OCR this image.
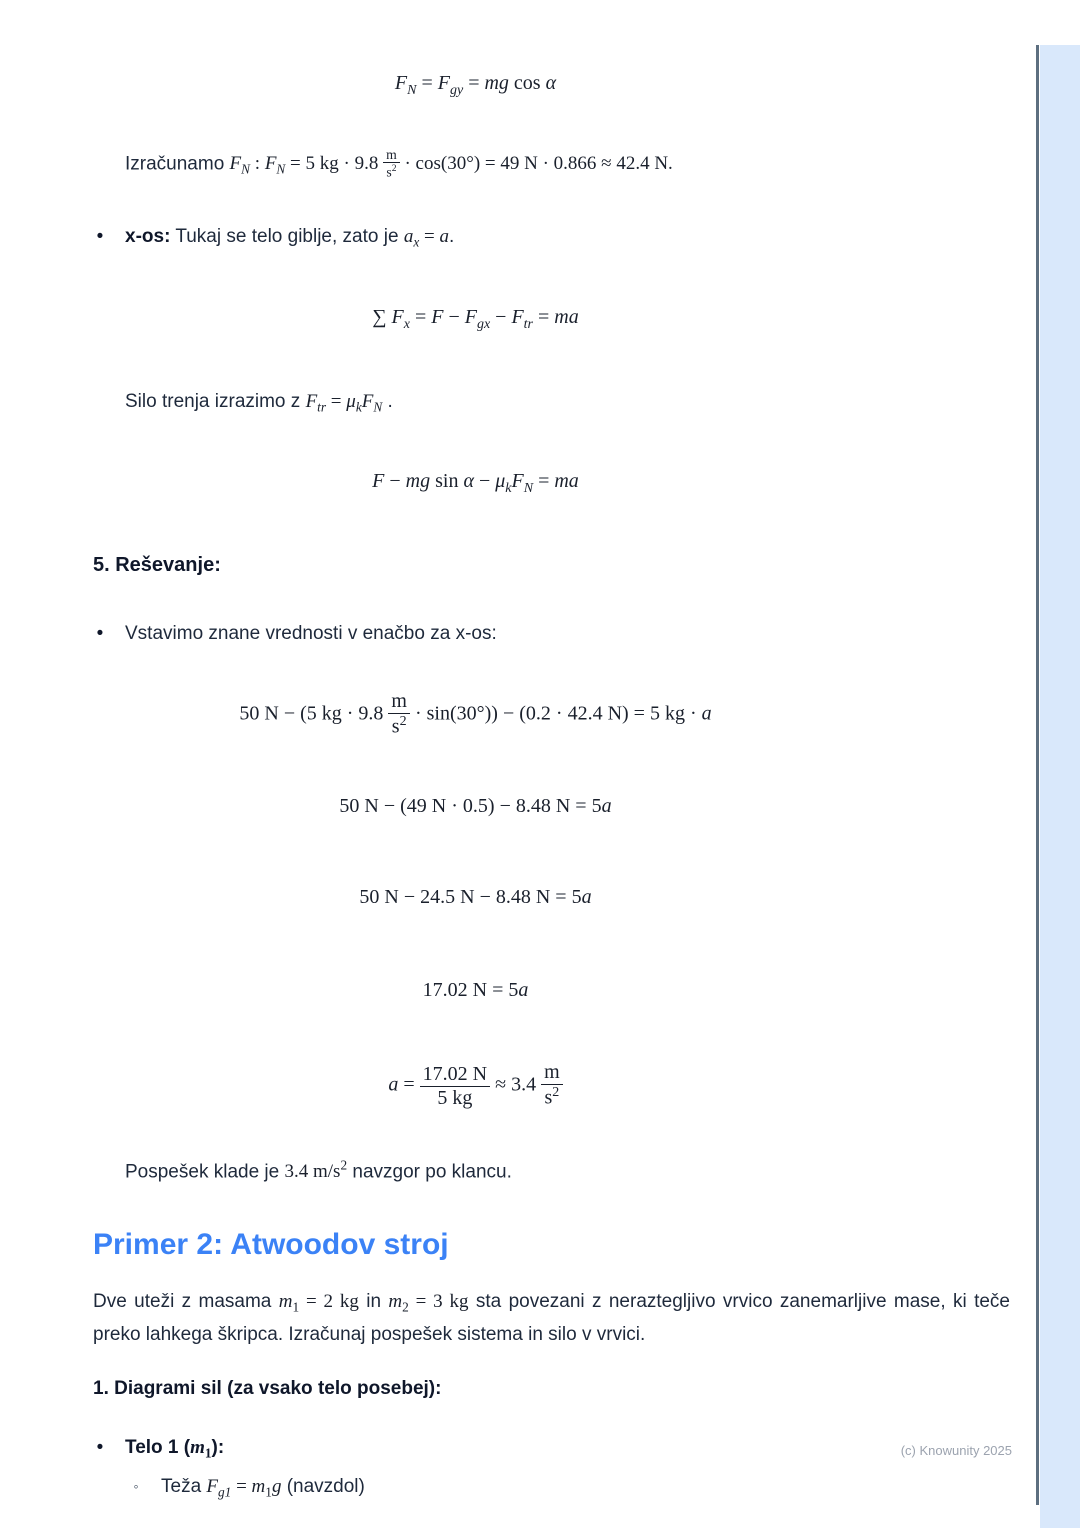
$F_N = F_{gy}$ = mg cos α

Izračunamo $F_N$ : $F_N = 5$ kg · $9.8 \frac{m}{s^2} \cdot \cos(30^\circ) = 49$ N · 0.866 ≈ 42.4 N.

• x-os: Tukaj se telo giblje, zato je $a_x = a$.

∑ $F_x = F - F_{gx} - F_{tr}$ = ma

Silo trenja izrazimo z $F_{tr} = \mu_kF_N$ .

F − mg $\sin \alpha - \mu_kF_N$ = ma

5. Reševanje:

• Vstavimo znane vrednosti v enačbo za x-os:

50 N − (5 kg · $9.8 \frac{m}{s^2} \cdot \sin(30^\circ)) - (0.2 \cdot 42.4$ N) = 5 kg · a
50 N − (49 N · 0.5) − 8.48 N = 5a
50 N − 24.5 N − 8.48 N = 5a
17.02 N = 5a
$a = \frac{17.02 N}{5 kg} \approx 3.4 \frac{m}{s^2}$

Pospešek klade je 3.4 $m/s^2$ navzgor po klancu.

Primer 2: Atwoodov stroj

Dve uteži z masama $m_1 = 2$ kg in $m_2 = 3$ kg sta povezani z neraztegljivo vrvico zanemarljive mase, ki teče preko lahkega škripca. Izračunaj pospešek sistema in silo v vrvici.

1. Diagrami sil (za vsako telo posebej):

• Telo 1 $(m_1)$:

◦ Teža $F_{g1} = m_1g$ (navzdol)

(c) Knowunity 2025
